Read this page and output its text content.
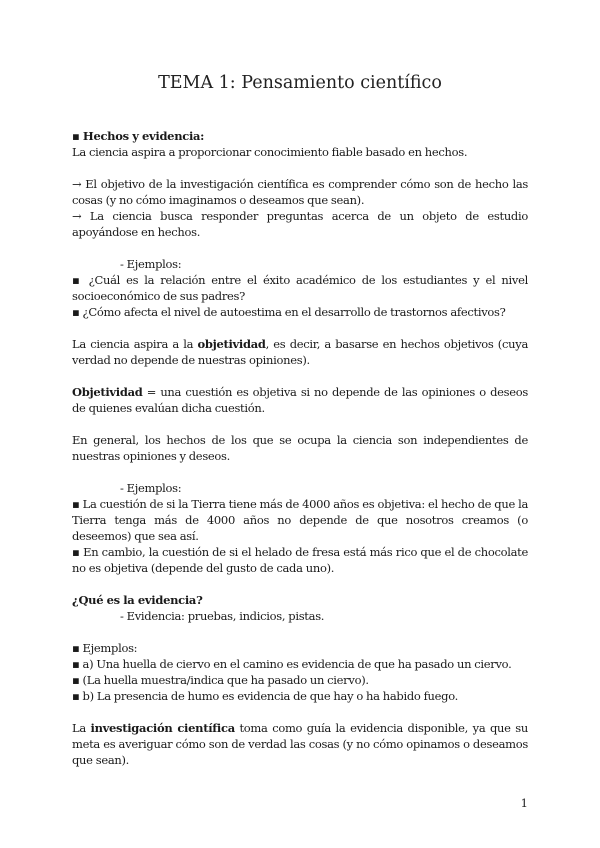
TEMA 1: Pensamiento científico

▪ Hechos y evidencia:

La ciencia aspira a proporcionar conocimiento fiable basado en hechos.

→ El objetivo de la investigación científica es comprender cómo son de hecho las cosas (y no cómo imaginamos o deseamos que sean).

→ La ciencia busca responder preguntas acerca de un objeto de estudio apoyándose en hechos.

- Ejemplos:

▪ ¿Cuál es la relación entre el éxito académico de los estudiantes y el nivel socioeconómico de sus padres?

▪ ¿Cómo afecta el nivel de autoestima en el desarrollo de trastornos afectivos?

La ciencia aspira a la objetividad, es decir, a basarse en hechos objetivos (cuya verdad no depende de nuestras opiniones).

Objetividad = una cuestión es objetiva si no depende de las opiniones o deseos de quienes evalúan dicha cuestión.

En general, los hechos de los que se ocupa la ciencia son independientes de nuestras opiniones y deseos.

- Ejemplos:

▪ La cuestión de si la Tierra tiene más de 4000 años es objetiva: el hecho de que la Tierra tenga más de 4000 años no depende de que nosotros creamos (o deseemos) que sea así.

▪ En cambio, la cuestión de si el helado de fresa está más rico que el de chocolate no es objetiva (depende del gusto de cada uno).

¿Qué es la evidencia?

- Evidencia: pruebas, indicios, pistas.

▪ Ejemplos:

▪ a) Una huella de ciervo en el camino es evidencia de que ha pasado un ciervo.

▪ (La huella muestra/indica que ha pasado un ciervo).

▪ b) La presencia de humo es evidencia de que hay o ha habido fuego.

La investigación científica toma como guía la evidencia disponible, ya que su meta es averiguar cómo son de verdad las cosas (y no cómo opinamos o deseamos que sean).

1
